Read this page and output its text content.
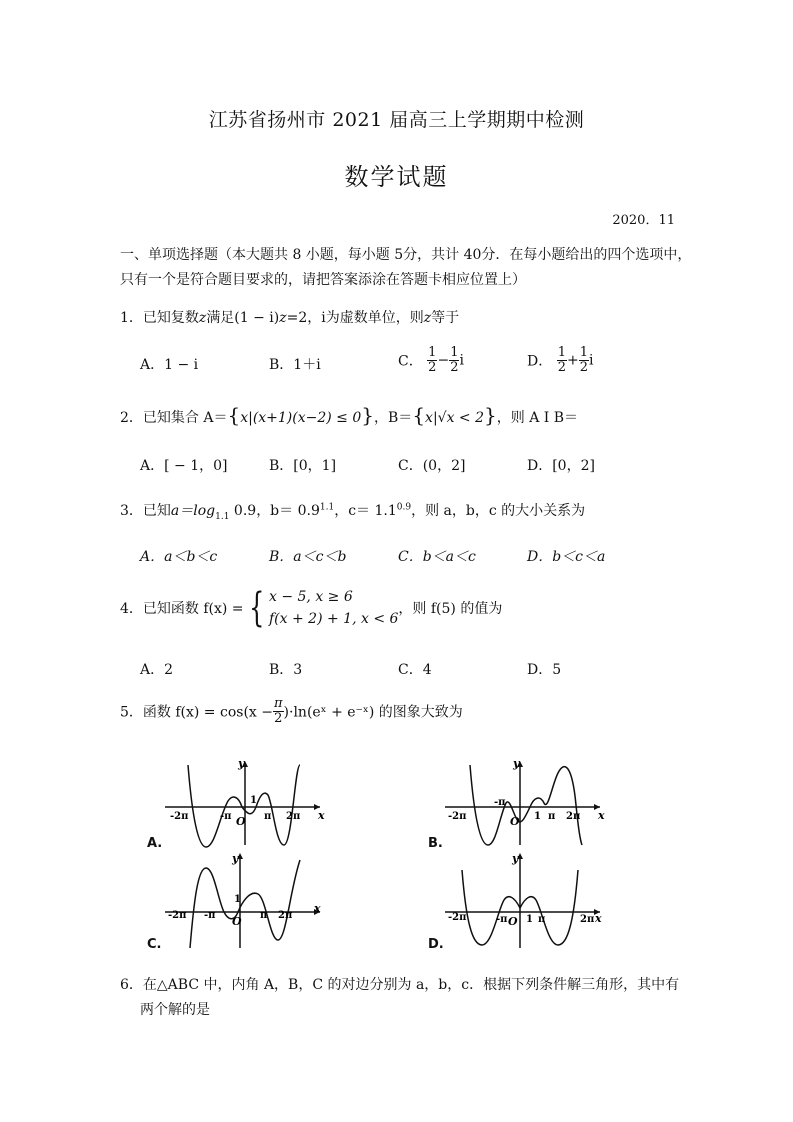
江苏省扬州市 2021 届高三上学期期中检测
数学试题
2020．11
一、单项选择题（本大题共 8 小题，每小题 5分，共计 40分．在每小题给出的四个选项中，
只有一个是符合题目要求的，请把答案添涂在答题卡相应位置上）
1．已知复数z满足(1 − i)z=2，i为虚数单位，则z等于
A．1 − i	B．1＋i	C． $\frac{1}{2} - \frac{1}{2}$ i	D． $\frac{1}{2} + \frac{1}{2}$ i
2．已知集合 A＝{x|(x+1)(x−2) ≤ 0}，B＝{x|√x < 2}，则 A I B＝
A．[ − 1，0]	B．[0，1]	C．(0，2]	D．[0，2]
3．已知$a=\log_{1.1}$ 0.9，$b= 0.9^{1.1}$，$c= 1.1^{0.9}$，则 a，b，c 的大小关系为
A．a＜b＜c	B．a＜c＜b	C．b＜a＜c	D．b＜c＜a
4．已知函数 f(x) = { x − 5, x ≥ 6
f(x + 2) + 1, x < 6
，则 f(5) 的值为
A．2	B．3	C．4	D．5
5．函数 $f(x) = \cos(x - \frac{\pi}{2}$ )·ln(eˣ + e⁻ˣ) 的图象大致为
y
x
-2π	-π O
1
π 2π
A.
y
x
-2π
-π
O 1 π 2π
B.
y
x
-2π -π O
1
π 2π
C.
y
x
-2π	-π O 1 π	2π
D.
6．在△ABC 中，内角 A，B，C 的对边分别为 a，b，c．根据下列条件解三角形，其中有
两个解的是
